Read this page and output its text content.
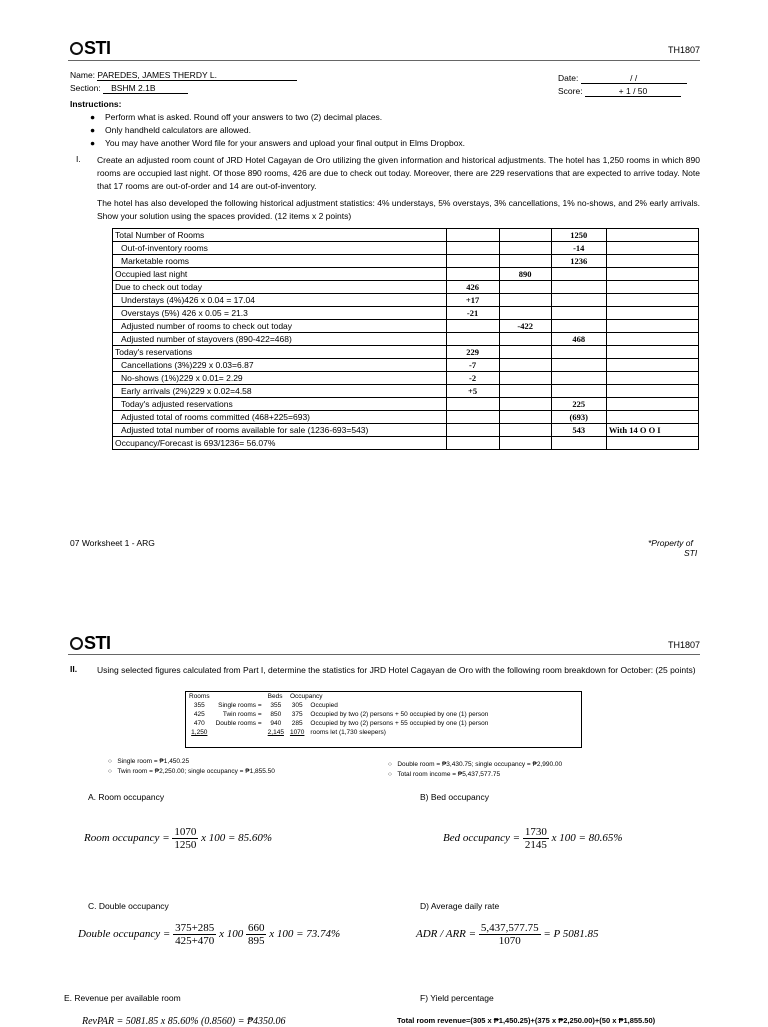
STI	TH1807
Name: PAREDES, JAMES THERDY L.
Section: BSHM 2.1B
Date:	/ /
Score:	+ 1 / 50
Instructions:
● Perform what is asked. Round off your answers to two (2) decimal places.
● Only handheld calculators are allowed.
● You may have another Word file for your answers and upload your final output in Elms Dropbox.
I. Create an adjusted room count of JRD Hotel Cagayan de Oro utilizing the given information and historical adjustments. The hotel has 1,250 rooms in which 890 rooms are occupied last night. Of those 890 rooms, 426 are due to check out today. Moreover, there are 229 reservations that are expected to arrive today. Note that 17 rooms are out-of-order and 14 are out-of-inventory.
The hotel has also developed the following historical adjustment statistics: 4% understays, 5% overstays, 3% cancellations, 1% no-shows, and 2% early arrivals. Show your solution using the spaces provided. (12 items x 2 points)
Total Number of Rooms			1250	
Out-of-inventory rooms			-14	
Marketable rooms			1236	
Occupied last night		890		
Due to check out today	426			
Understays (4%)426 x 0.04 = 17.04	+17			
Overstays (5%) 426 x 0.05 = 21.3	-21			
Adjusted number of rooms to check out today		-422		
Adjusted number of stayovers (890-422=468)			468	
Today's reservations	229			
Cancellations (3%)229 x 0.03=6.87	-7			
No-shows (1%)229 x 0.01= 2.29	-2			
Early arrivals (2%)229 x 0.02=4.58	+5			
Today's adjusted reservations			225	
Adjusted total of rooms committed (468+225=693)			(693)	
Adjusted total number of rooms available for sale (1236-693=543)			543	With 14 O O I
Occupancy/Forecast is 693/1236= 56.07%				
07 Worksheet 1 - ARG	*Property of
STI
STI	TH1807
II. Using selected figures calculated from Part I, determine the statistics for JRD Hotel Cagayan de Oro with the following room breakdown for October: (25 points)
Rooms		Beds	Occupancy	
355	Single rooms =	355	305	Occupied
425	Twin rooms =	850	375	Occupied by two (2) persons + 50 occupied by one (1) person
470	Double rooms =	940	285	Occupied by two (2) persons + 55 occupied by one (1) person
1,250		2,145	1070	rooms let (1,730 sleepers)
○   Single room = ₱1,450.25
○   Twin room = ₱2,250.00; single occupancy = ₱1,855.50
○   Double room = ₱3,430.75; single occupancy = ₱2,990.00
○   Total room income = ₱5,437,577.75
A. Room occupancy	B) Bed occupancy
Room occupancy = $\frac{1070}{1250}$ x 100 = 85.60%	Bed occupancy = $\frac{1730}{2145}$ x 100 = 80.65%
C. Double occupancy	D) Average daily rate
Double occupancy = $\frac{375+285}{425+470}$ x $100 \frac{660}{895}$ x 100 = 73.74%	ADR / ARR = $\frac{5,437,577.75}{1070} = P$ 5081.85
E. Revenue per available room	F) Yield percentage
RevPAR = 5081.85 x 85.60% (0.8560) = ₱4350.06	Total room revenue=(305 x ₱1,450.25)+(375 x ₱2,250.00)+(50 x ₱1,855.50)
